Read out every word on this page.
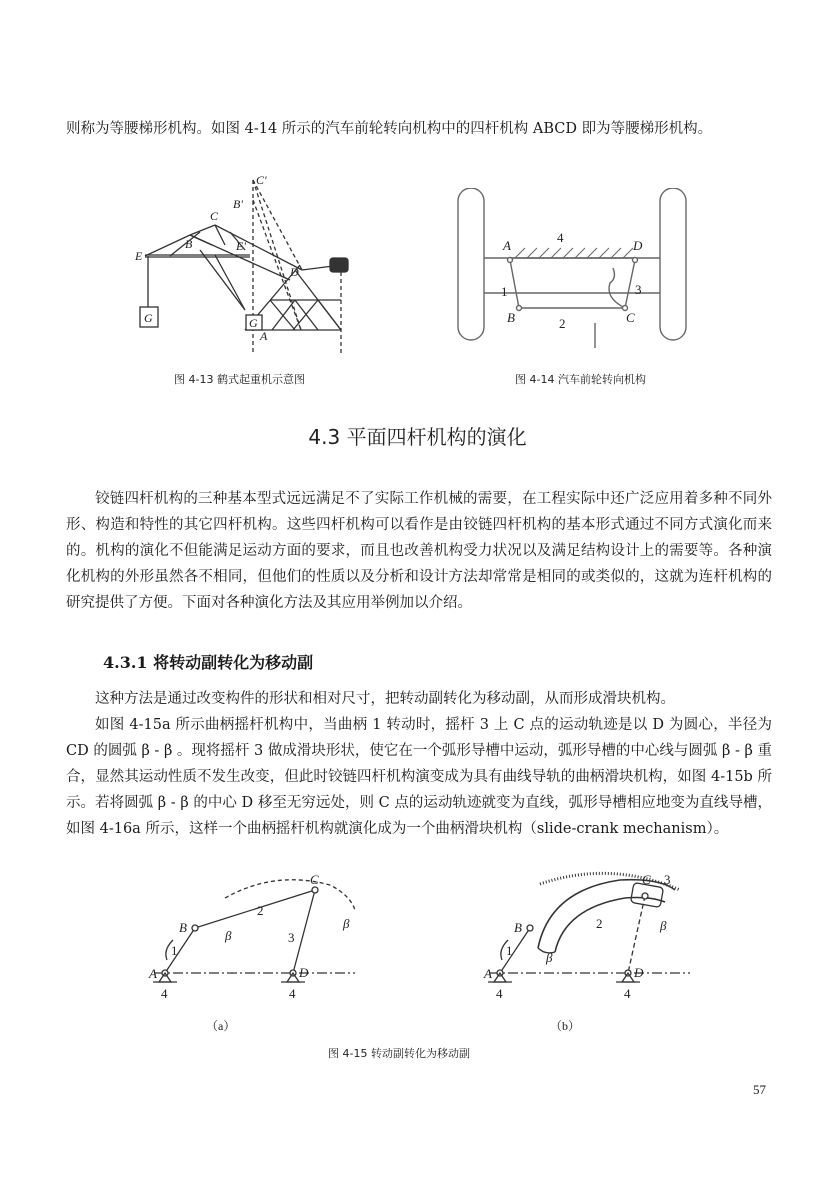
则称为等腰梯形机构。如图 4-14 所示的汽车前轮转向机构中的四杆机构 ABCD 即为等腰梯形机构。
C'
B'
C
B
E
E'
D
G	G
A
A
4
D
1	3
B	2	C
图 4-13 鹤式起重机示意图	图 4-14 汽车前轮转向机构
4.3 平面四杆机构的演化
铰链四杆机构的三种基本型式远远满足不了实际工作机械的需要，在工程实际中还广泛应用着多种不同外形、构造和特性的其它四杆机构。这些四杆机构可以看作是由铰链四杆机构的基本形式通过不同方式演化而来的。机构的演化不但能满足运动方面的要求，而且也改善机构受力状况以及满足结构设计上的需要等。各种演化机构的外形虽然各不相同，但他们的性质以及分析和设计方法却常常是相同的或类似的，这就为连杆机构的研究提供了方便。下面对各种演化方法及其应用举例加以介绍。
4.3.1 将转动副转化为移动副
这种方法是通过改变构件的形状和相对尺寸，把转动副转化为移动副，从而形成滑块机构。
如图 4-15a 所示曲柄摇杆机构中，当曲柄 1 转动时，摇杆 3 上 C 点的运动轨迹是以 D 为圆心，半径为 CD 的圆弧 β - β 。现将摇杆 3 做成滑块形状，使它在一个弧形导槽中运动，弧形导槽的中心线与圆弧 β - β 重合，显然其运动性质不发生改变，但此时铰链四杆机构演变成为具有曲线导轨的曲柄滑块机构，如图 4-15b 所示。若将圆弧 β - β 的中心 D 移至无穷远处，则 C 点的运动轨迹就变为直线，弧形导槽相应地变为直线导槽，如图 4-16a 所示，这样一个曲柄摇杆机构就演化成为一个曲柄滑块机构（slide-crank mechanism）。
C
B
2
β
β
3
1
A	D
4	4
C 3
B	2
β
β
1
A	D
4	4
（a）	（b）
图 4-15 转动副转化为移动副
57
